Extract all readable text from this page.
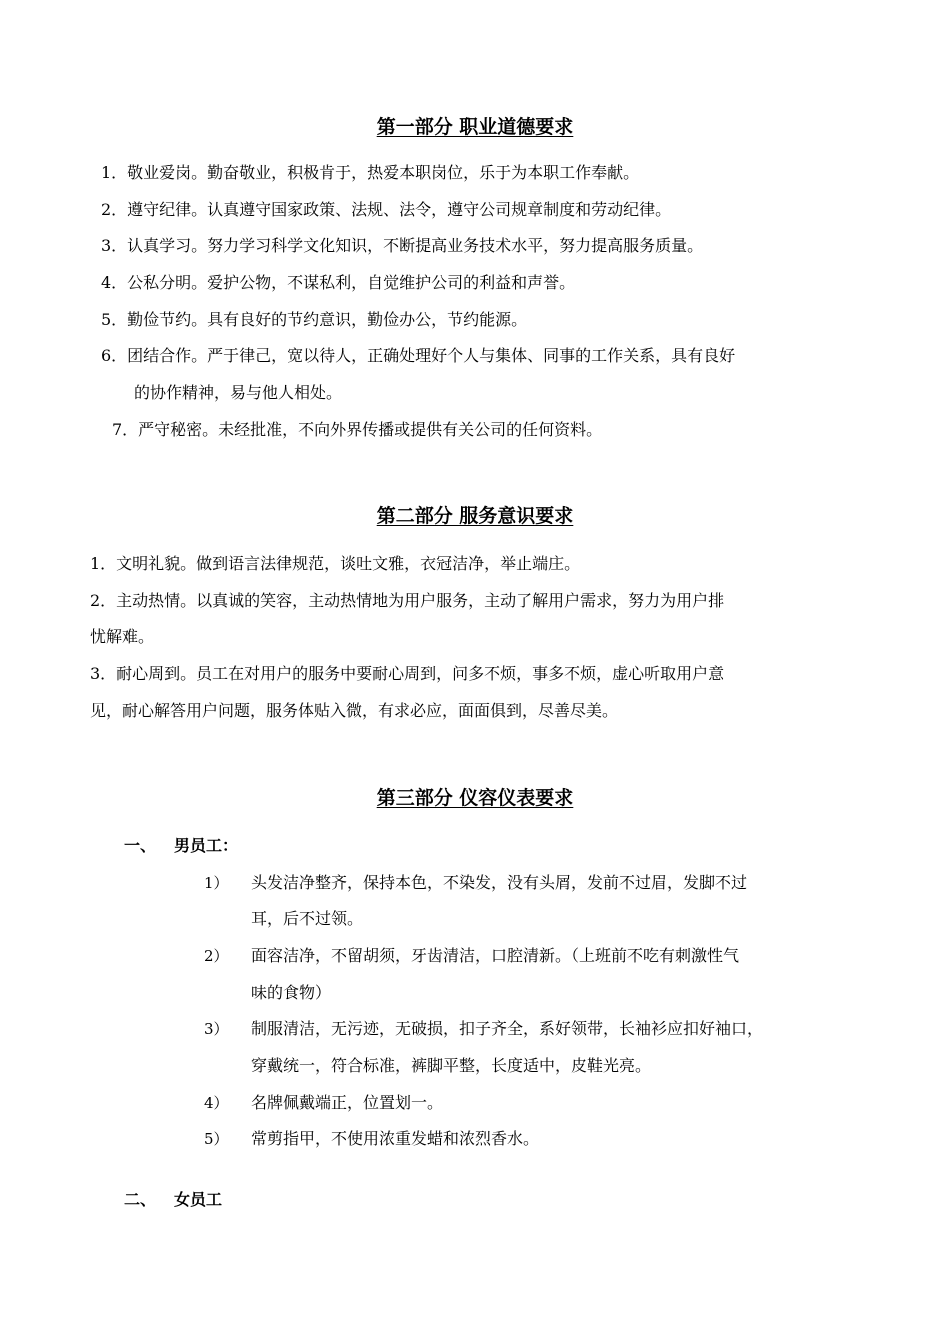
第一部分 职业道德要求
1．敬业爱岗。勤奋敬业，积极肯于，热爱本职岗位，乐于为本职工作奉献。
2．遵守纪律。认真遵守国家政策、法规、法令，遵守公司规章制度和劳动纪律。
3．认真学习。努力学习科学文化知识，不断提高业务技术水平，努力提高服务质量。
4．公私分明。爱护公物，不谋私利，自觉维护公司的利益和声誉。
5．勤俭节约。具有良好的节约意识，勤俭办公，节约能源。
6．团结合作。严于律己，宽以待人，正确处理好个人与集体、同事的工作关系，具有良好
的协作精神，易与他人相处。
7．严守秘密。未经批准，不向外界传播或提供有关公司的任何资料。
第二部分 服务意识要求
1．文明礼貌。做到语言法律规范，谈吐文雅，衣冠洁净，举止端庄。
2．主动热情。以真诚的笑容，主动热情地为用户服务，主动了解用户需求，努力为用户排
忧解难。
3．耐心周到。员工在对用户的服务中要耐心周到，问多不烦，事多不烦，虚心听取用户意
见，耐心解答用户问题，服务体贴入微，有求必应，面面俱到，尽善尽美。
第三部分 仪容仪表要求
一、 男员工：
1） 头发洁净整齐，保持本色，不染发，没有头屑，发前不过眉，发脚不过
耳，后不过领。
2） 面容洁净，不留胡须，牙齿清洁，口腔清新。（上班前不吃有刺激性气
味的食物）
3） 制服清洁，无污迹，无破损，扣子齐全，系好领带，长袖衫应扣好袖口，
穿戴统一，符合标准，裤脚平整，长度适中，皮鞋光亮。
4） 名牌佩戴端正，位置划一。
5） 常剪指甲，不使用浓重发蜡和浓烈香水。
二、 女员工
